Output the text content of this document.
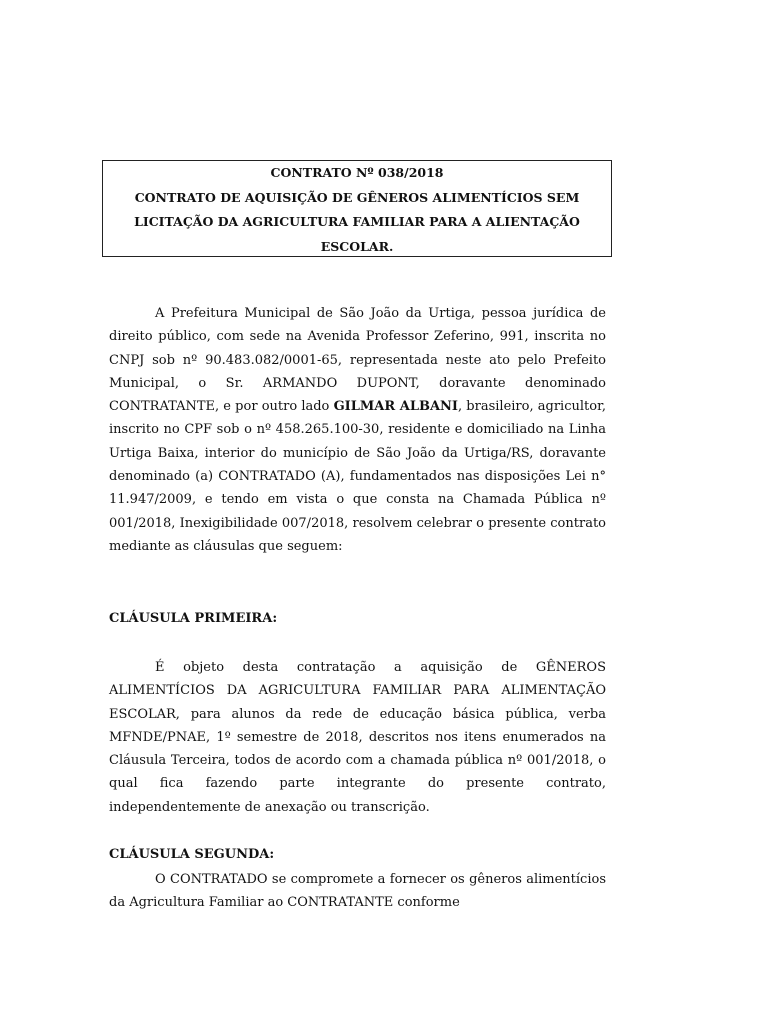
CONTRATO Nº 038/2018
CONTRATO DE AQUISIÇÃO DE GÊNEROS ALIMENTÍCIOS SEM
LICITAÇÃO DA AGRICULTURA FAMILIAR PARA A ALIENTAÇÃO
ESCOLAR.
A Prefeitura Municipal de São João da Urtiga, pessoa jurídica de direito público, com sede na Avenida Professor Zeferino, 991, inscrita no CNPJ sob nº 90.483.082/0001-65, representada neste ato pelo Prefeito Municipal, o Sr. ARMANDO DUPONT, doravante denominado CONTRATANTE, e por outro lado GILMAR ALBANI, brasileiro, agricultor, inscrito no CPF sob o nº 458.265.100-30, residente e domiciliado na Linha Urtiga Baixa, interior do município de São João da Urtiga/RS, doravante denominado (a) CONTRATADO (A), fundamentados nas disposições Lei n° 11.947/2009, e tendo em vista o que consta na Chamada Pública nº 001/2018, Inexigibilidade 007/2018, resolvem celebrar o presente contrato mediante as cláusulas que seguem:
CLÁUSULA PRIMEIRA:
É objeto desta contratação a aquisição de GÊNEROS ALIMENTÍCIOS DA AGRICULTURA FAMILIAR PARA ALIMENTAÇÃO ESCOLAR, para alunos da rede de educação básica pública, verba MFNDE/PNAE, 1º semestre de 2018, descritos nos itens enumerados na Cláusula Terceira, todos de acordo com a chamada pública nº 001/2018, o qual fica fazendo parte integrante do presente contrato, independentemente de anexação ou transcrição.
CLÁUSULA SEGUNDA:
O CONTRATADO se compromete a fornecer os gêneros alimentícios da Agricultura Familiar ao CONTRATANTE conforme
